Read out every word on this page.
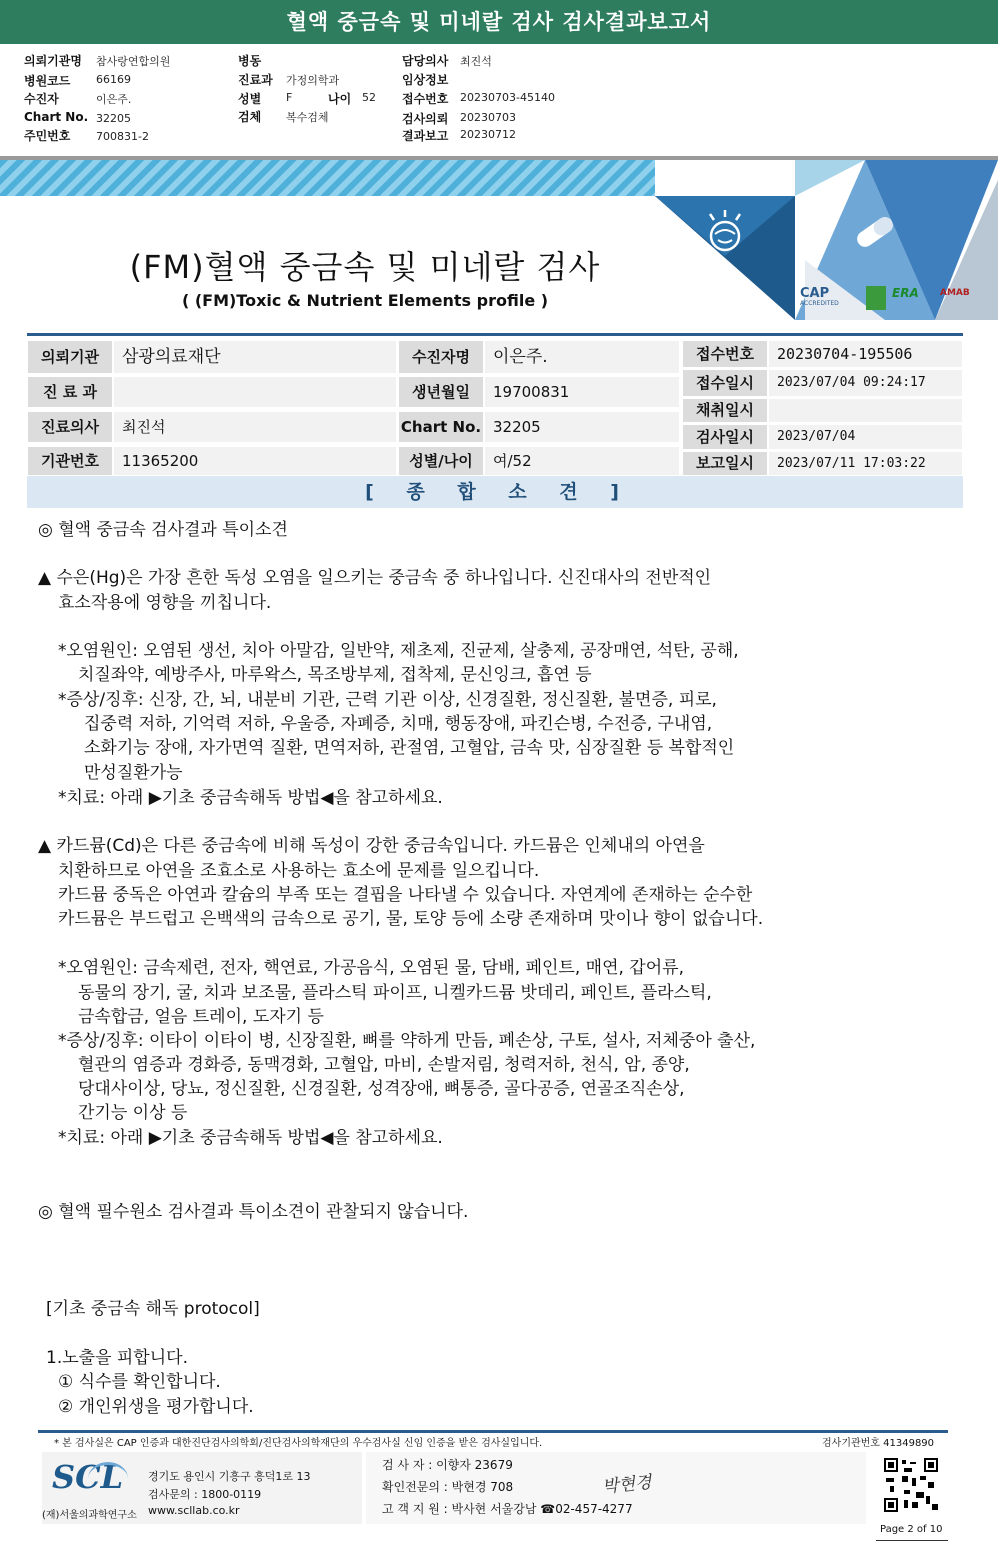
혈액 중금속 및 미네랄 검사 검사결과보고서
의뢰기관명 참사랑연합의원
병원코드 66169
수진자	이은주.
Chart No. 32205
주민번호 700831-2
병동
진료과 가정의학과
성별 F	나이 52
검체 복수검체
담당의사 최진석
임상정보
접수번호 20230703-45140
검사의뢰 20230703
결과보고 20230712
CAP
ACCREDITED
ERA AMAB
(FM)혈액 중금속 및 미네랄 검사
( (FM)Toxic & Nutrient Elements profile )
의뢰기관	삼광의료재단
진 료 과
진료의사	최진석
기관번호	11365200
수진자명	이은주.
생년월일	19700831
Chart No. 32205
성별/나이	여/52
접수번호	20230704-195506
접수일시	2023/07/04 09:24:17
채취일시
검사일시	2023/07/04
보고일시	2023/07/11 17:03:22
[ 종 합 소 견 ]
◎ 혈액 중금속 검사결과 특이소견
▲ 수은(Hg)은 가장 흔한 독성 오염을 일으키는 중금속 중 하나입니다. 신진대사의 전반적인
효소작용에 영향을 끼칩니다.
*오염원인: 오염된 생선, 치아 아말감, 일반약, 제초제, 진균제, 살충제, 공장매연, 석탄, 공해,
치질좌약, 예방주사, 마루왁스, 목조방부제, 접착제, 문신잉크, 흡연 등
*증상/징후: 신장, 간, 뇌, 내분비 기관, 근력 기관 이상, 신경질환, 정신질환, 불면증, 피로,
집중력 저하, 기억력 저하, 우울증, 자폐증, 치매, 행동장애, 파킨슨병, 수전증, 구내염,
소화기능 장애, 자가면역 질환, 면역저하, 관절염, 고혈압, 금속 맛, 심장질환 등 복합적인
만성질환가능
*치료: 아래 ▶기초 중금속해독 방법◀을 참고하세요.
▲ 카드뮴(Cd)은 다른 중금속에 비해 독성이 강한 중금속입니다. 카드뮴은 인체내의 아연을
치환하므로 아연을 조효소로 사용하는 효소에 문제를 일으킵니다.
카드뮴 중독은 아연과 칼슘의 부족 또는 결핍을 나타낼 수 있습니다. 자연계에 존재하는 순수한
카드뮴은 부드럽고 은백색의 금속으로 공기, 물, 토양 등에 소량 존재하며 맛이나 향이 없습니다.
*오염원인: 금속제련, 전자, 핵연료, 가공음식, 오염된 물, 담배, 페인트, 매연, 갑어류,
동물의 장기, 굴, 치과 보조물, 플라스틱 파이프, 니켈카드뮴 밧데리, 페인트, 플라스틱,
금속합금, 얼음 트레이, 도자기 등
*증상/징후: 이타이 이타이 병, 신장질환, 뼈를 약하게 만듬, 폐손상, 구토, 설사, 저체중아 출산,
혈관의 염증과 경화증, 동맥경화, 고혈압, 마비, 손발저림, 청력저하, 천식, 암, 종양,
당대사이상, 당뇨, 정신질환, 신경질환, 성격장애, 뼈통증, 골다공증, 연골조직손상,
간기능 이상 등
*치료: 아래 ▶기초 중금속해독 방법◀을 참고하세요.
◎ 혈액 필수원소 검사결과 특이소견이 관찰되지 않습니다.
[기초 중금속 해독 protocol]
1.노출을 피합니다.
① 식수를 확인합니다.
② 개인위생을 평가합니다.
* 본 검사실은 CAP 인증과 대한진단검사의학회/진단검사의학재단의 우수검사실 신임 인증을 받은 검사실입니다.	검사기관번호 41349890
SCL
(재)서울의과학연구소
경기도 용인시 기흥구 흥덕1로 13
검사문의 : 1800-0119
www.scllab.co.kr
검 사 자 : 이향자 23679
확인전문의 : 박현경 708
고 객 지 원 : 박사현 서울강남 ☎02-457-4277
박현경
Page 2 of 10
